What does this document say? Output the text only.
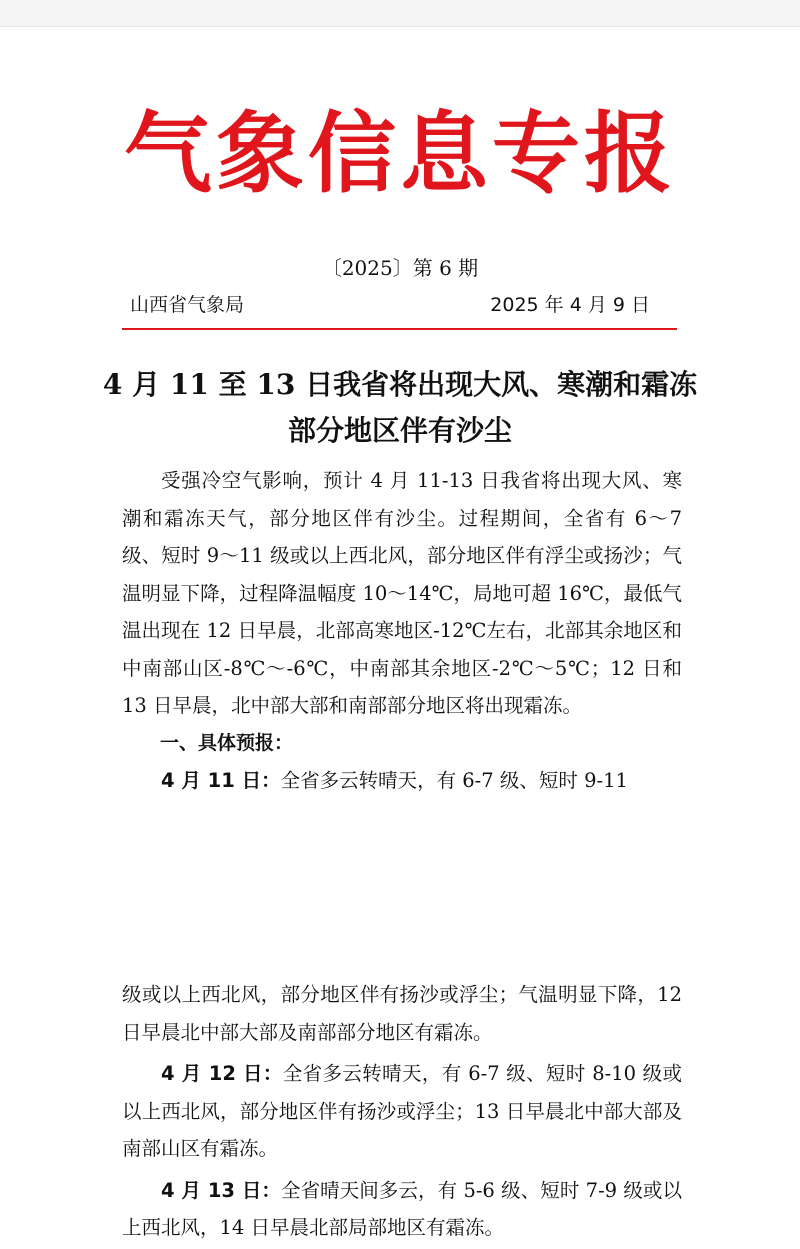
气象信息专报
〔2025〕第 6 期
山西省气象局	2025 年 4 月 9 日
4 月 11 至 13 日我省将出现大风、寒潮和霜冻
部分地区伴有沙尘

受强冷空气影响，预计 4 月 11-13 日我省将出现大风、寒潮和霜冻天气，部分地区伴有沙尘。过程期间，全省有 6～7 级、短时 9～11 级或以上西北风，部分地区伴有浮尘或扬沙；气温明显下降，过程降温幅度 10～14℃，局地可超 16℃，最低气温出现在 12 日早晨，北部高寒地区-12℃左右，北部其余地区和中南部山区-8℃～-6℃，中南部其余地区-2℃～5℃；12 日和 13 日早晨，北中部大部和南部部分地区将出现霜冻。

一、具体预报：

4 月 11 日：全省多云转晴天，有 6-7 级、短时 9-11

级或以上西北风，部分地区伴有扬沙或浮尘；气温明显下降，12 日早晨北中部大部及南部部分地区有霜冻。

4 月 12 日：全省多云转晴天，有 6-7 级、短时 8-10 级或以上西北风，部分地区伴有扬沙或浮尘；13 日早晨北中部大部及南部山区有霜冻。

4 月 13 日：全省晴天间多云，有 5-6 级、短时 7-9 级或以上西北风，14 日早晨北部局部地区有霜冻。
